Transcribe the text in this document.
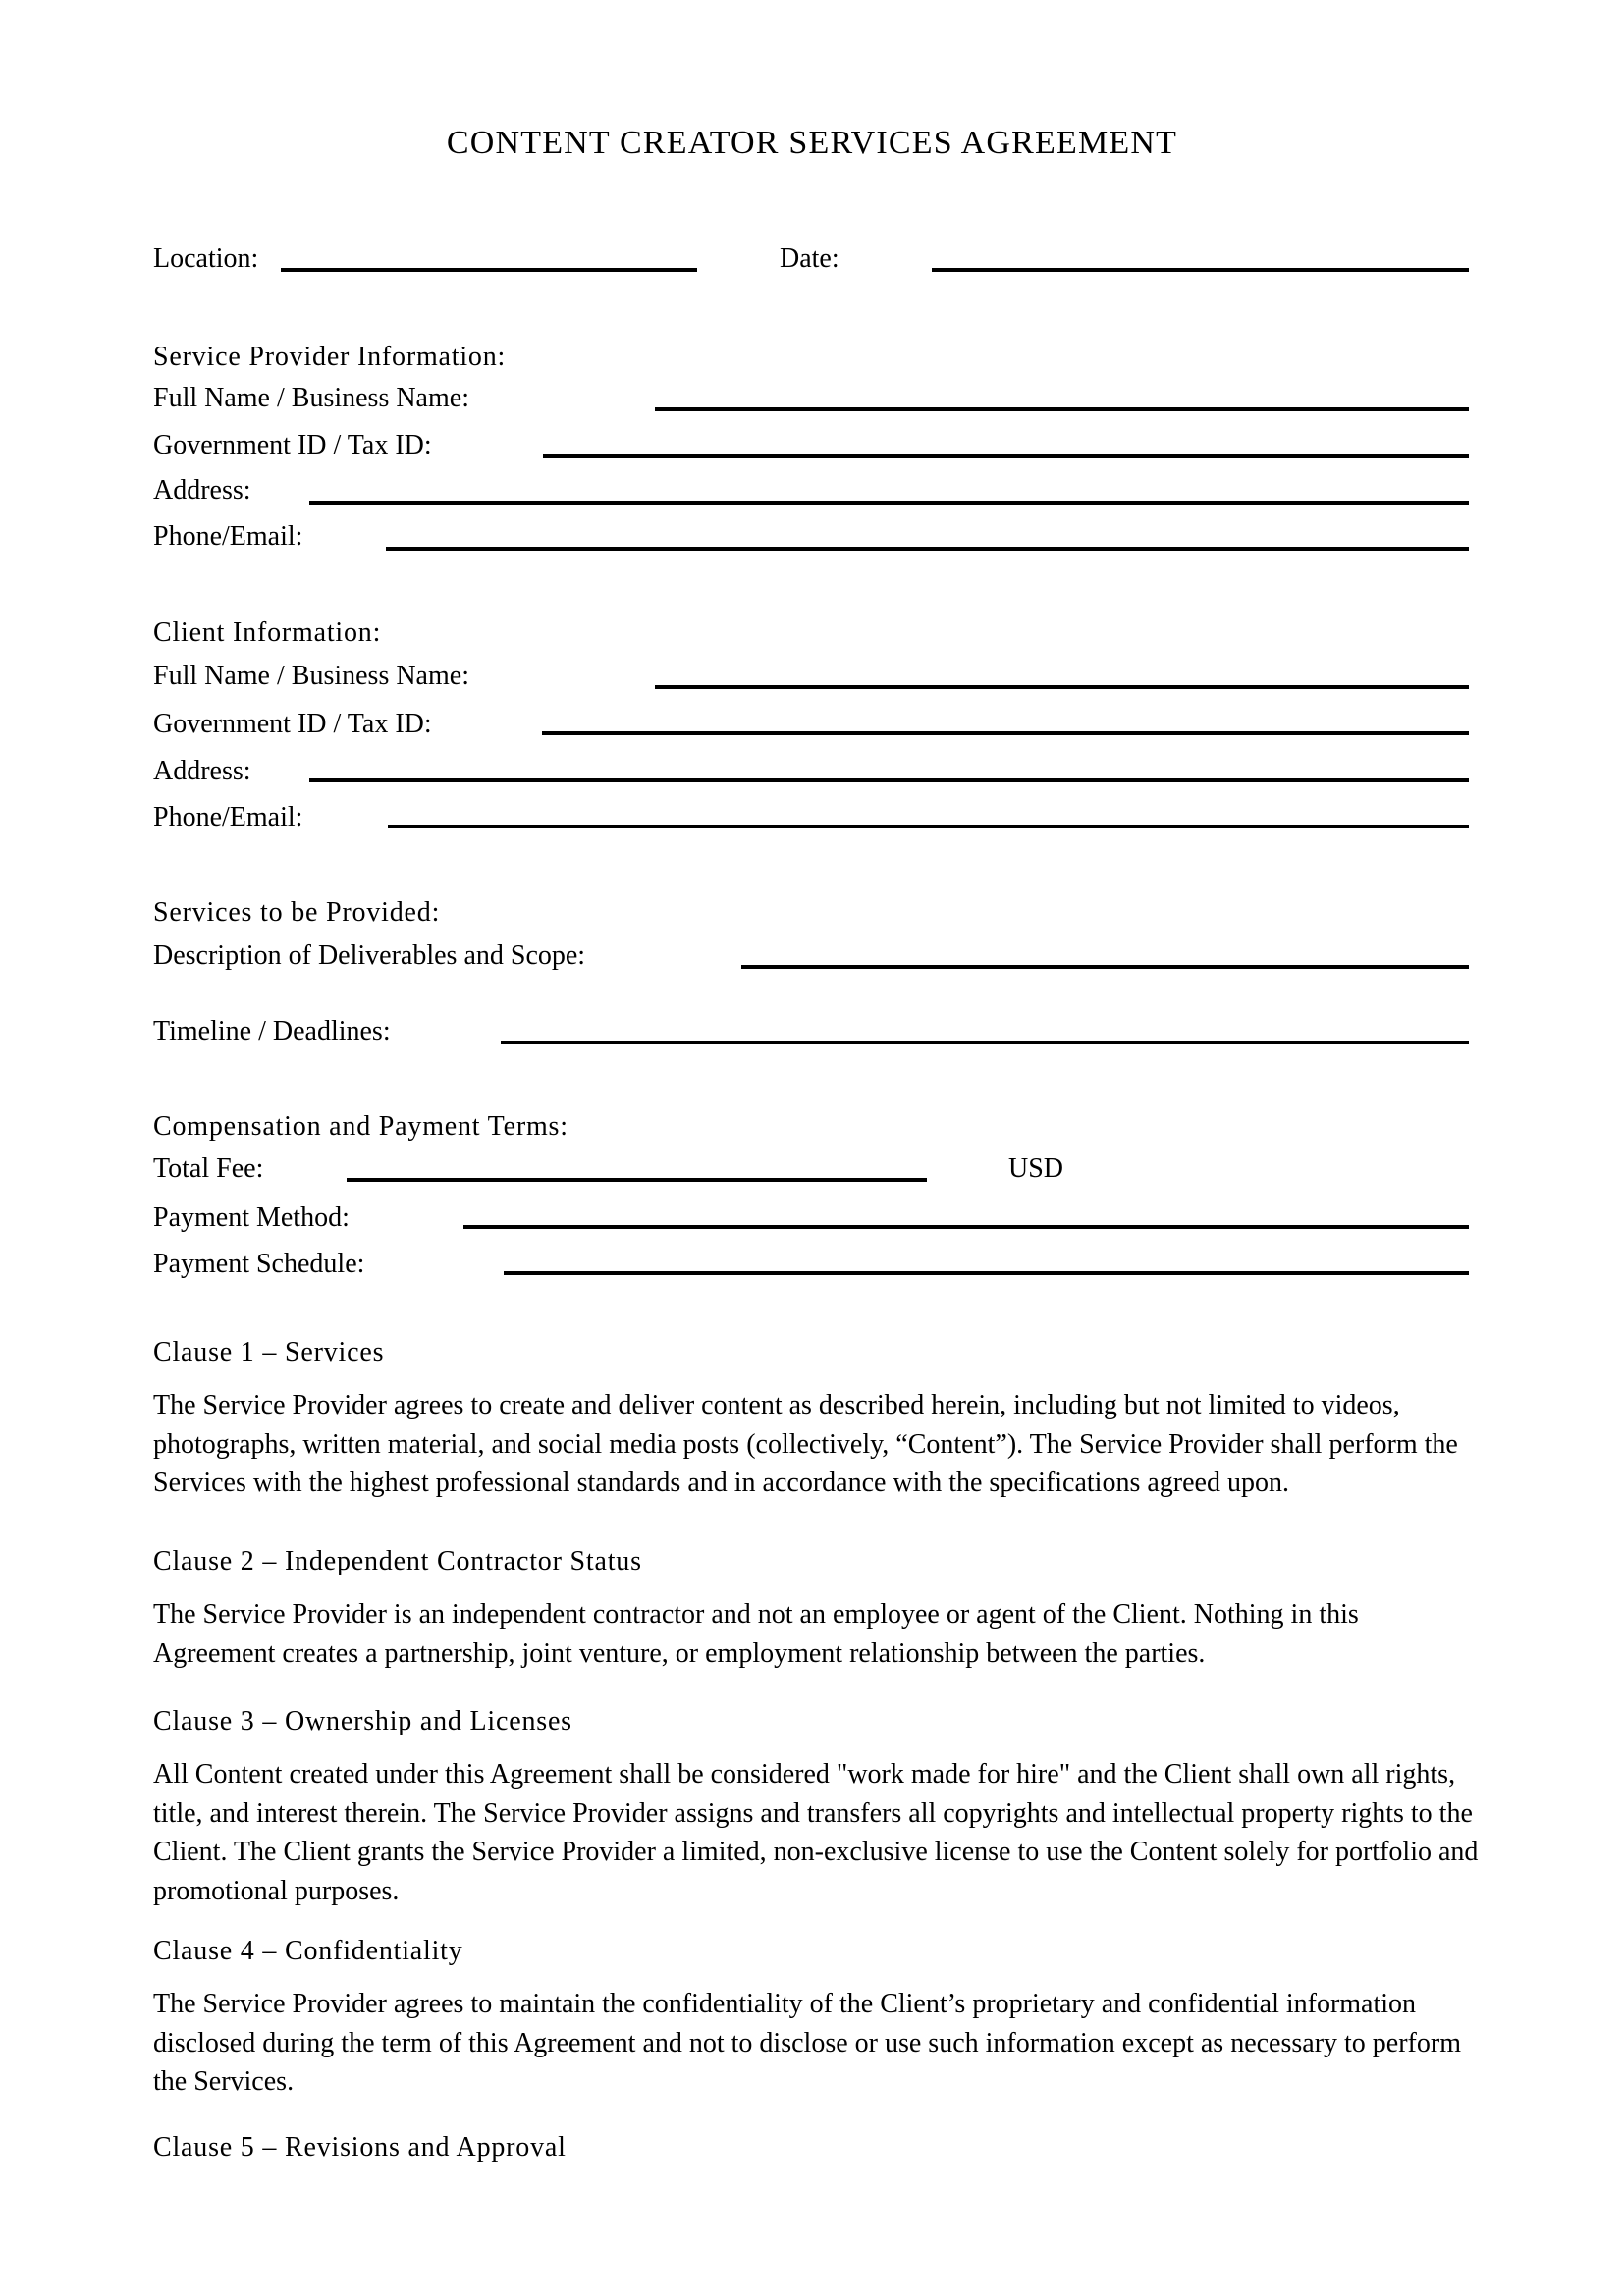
CONTENT CREATOR SERVICES AGREEMENT
Location:	Date:
Service Provider Information:
Full Name / Business Name:
Government ID / Tax ID:
Address:
Phone/Email:
Client Information:
Full Name / Business Name:
Government ID / Tax ID:
Address:
Phone/Email:
Services to be Provided:
Description of Deliverables and Scope:
Timeline / Deadlines:
Compensation and Payment Terms:
Total Fee:	USD
Payment Method:
Payment Schedule:
Clause 1 – Services
The Service Provider agrees to create and deliver content as described herein, including but not limited to videos, photographs, written material, and social media posts (collectively, “Content”). The Service Provider shall perform the Services with the highest professional standards and in accordance with the specifications agreed upon.
Clause 2 – Independent Contractor Status
The Service Provider is an independent contractor and not an employee or agent of the Client. Nothing in this Agreement creates a partnership, joint venture, or employment relationship between the parties.
Clause 3 – Ownership and Licenses
All Content created under this Agreement shall be considered "work made for hire" and the Client shall own all rights, title, and interest therein. The Service Provider assigns and transfers all copyrights and intellectual property rights to the Client. The Client grants the Service Provider a limited, non-exclusive license to use the Content solely for portfolio and promotional purposes.
Clause 4 – Confidentiality
The Service Provider agrees to maintain the confidentiality of the Client’s proprietary and confidential information disclosed during the term of this Agreement and not to disclose or use such information except as necessary to perform the Services.
Clause 5 – Revisions and Approval
